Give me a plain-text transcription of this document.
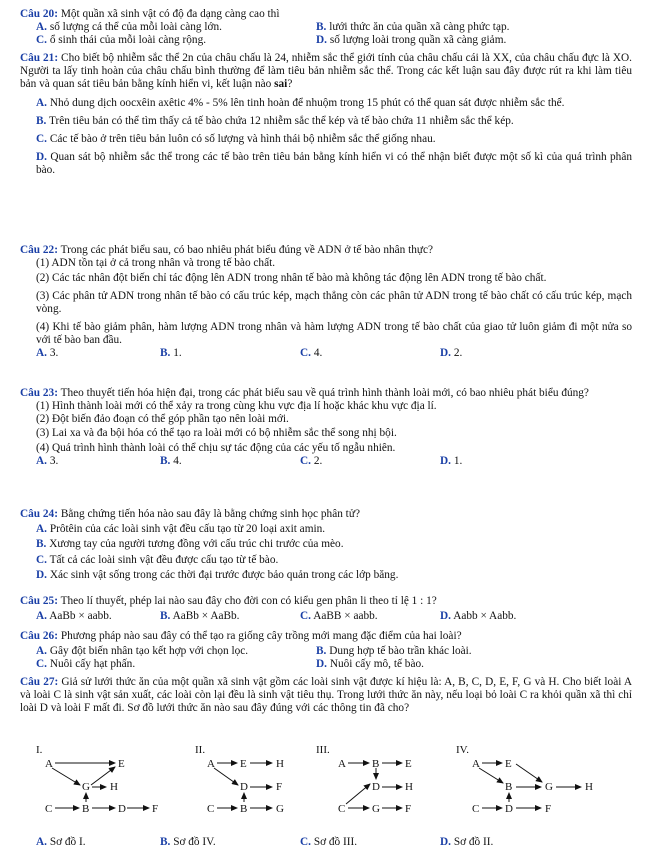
Câu 20: Một quần xã sinh vật có độ đa dạng càng cao thì
A. số lượng cá thể của mỗi loài càng lớn.	B. lưới thức ăn của quần xã càng phức tạp.
C. ổ sinh thái của mỗi loài càng rộng.	D. số lượng loài trong quần xã càng giảm.
Câu 21: Cho biết bộ nhiễm sắc thể 2n của châu chấu là 24, nhiễm sắc thể giới tính của châu chấu cái là XX, của châu chấu đực là XO. Người ta lấy tinh hoàn của châu chấu bình thường để làm tiêu bản nhiễm sắc thể. Trong các kết luận sau đây được rút ra khi làm tiêu bản và quan sát tiêu bản bằng kính hiển vi, kết luận nào sai?
A. Nhỏ dung dịch oocxêin axêtic 4% - 5% lên tinh hoàn để nhuộm trong 15 phút có thể quan sát được nhiễm sắc thể.
B. Trên tiêu bản có thể tìm thấy cả tế bào chứa 12 nhiễm sắc thể kép và tế bào chứa 11 nhiễm sắc thể kép.
C. Các tế bào ở trên tiêu bản luôn có số lượng và hình thái bộ nhiễm sắc thể giống nhau.
D. Quan sát bộ nhiễm sắc thể trong các tế bào trên tiêu bản bằng kính hiển vi có thể nhận biết được một số kì của quá trình phân bào.
Câu 22: Trong các phát biểu sau, có bao nhiêu phát biểu đúng về ADN ở tế bào nhân thực?
(1) ADN tồn tại ở cả trong nhân và trong tế bào chất.
(2) Các tác nhân đột biến chỉ tác động lên ADN trong nhân tế bào mà không tác động lên ADN trong tế bào chất.
(3) Các phân tử ADN trong nhân tế bào có cấu trúc kép, mạch thẳng còn các phân tử ADN trong tế bào chất có cấu trúc kép, mạch vòng.
(4) Khi tế bào giảm phân, hàm lượng ADN trong nhân và hàm lượng ADN trong tế bào chất của giao tử luôn giảm đi một nửa so với tế bào ban đầu.
A. 3.	B. 1.	C. 4.	D. 2.
Câu 23: Theo thuyết tiến hóa hiện đại, trong các phát biểu sau về quá trình hình thành loài mới, có bao nhiêu phát biểu đúng?
(1) Hình thành loài mới có thể xảy ra trong cùng khu vực địa lí hoặc khác khu vực địa lí.
(2) Đột biến đảo đoạn có thể góp phần tạo nên loài mới.
(3) Lai xa và đa bội hóa có thể tạo ra loài mới có bộ nhiễm sắc thể song nhị bội.
(4) Quá trình hình thành loài có thể chịu sự tác động của các yếu tố ngẫu nhiên.
A. 3.	B. 4.	C. 2.	D. 1.
Câu 24: Bằng chứng tiến hóa nào sau đây là bằng chứng sinh học phân tử?
A. Prôtêin của các loài sinh vật đều cấu tạo từ 20 loại axit amin.
B. Xương tay của người tương đồng với cấu trúc chi trước của mèo.
C. Tất cả các loài sinh vật đều được cấu tạo từ tế bào.
D. Xác sinh vật sống trong các thời đại trước được bảo quản trong các lớp băng.
Câu 25: Theo lí thuyết, phép lai nào sau đây cho đời con có kiểu gen phân li theo tỉ lệ 1 : 1?
A. AaBb × aabb.	B. AaBb × AaBb.	C. AaBB × aabb.	D. Aabb × Aabb.
Câu 26: Phương pháp nào sau đây có thể tạo ra giống cây trồng mới mang đặc điểm của hai loài?
A. Gây đột biến nhân tạo kết hợp với chọn lọc.	B. Dung hợp tế bào trần khác loài.
C. Nuôi cấy hạt phấn.	D. Nuôi cấy mô, tế bào.
Câu 27: Giả sử lưới thức ăn của một quần xã sinh vật gồm các loài sinh vật được kí hiệu là: A, B, C, D, E, F, G và H. Cho biết loài A và loài C là sinh vật sản xuất, các loài còn lại đều là sinh vật tiêu thụ. Trong lưới thức ăn này, nếu loại bỏ loài C ra khỏi quần xã thì chỉ loài D và loài F mất đi. Sơ đồ lưới thức ăn nào sau đây đúng với các thông tin đã cho?
I.
A	E
G H
C	B	D F
II.
A E	H
D	F
C B	G
III.
A B E
D H
C G F
IV.
A E
B	G	H
C D	F
A. Sơ đồ I.	B. Sơ đồ IV.	C. Sơ đồ III.	D. Sơ đồ II.
